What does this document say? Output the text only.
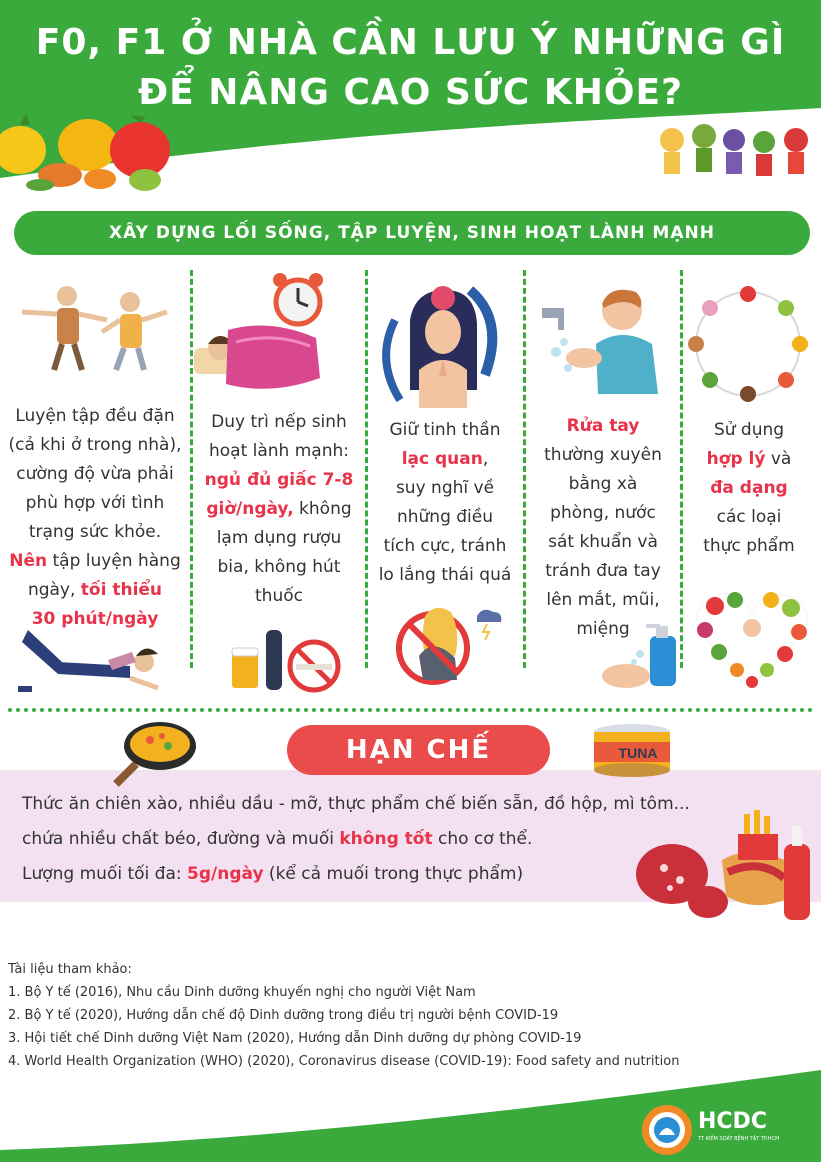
F0, F1 Ở NHÀ CẦN LƯU Ý NHỮNG GÌ
ĐỂ NÂNG CAO SỨC KHỎE?
XÂY DỰNG LỐI SỐNG, TẬP LUYỆN, SINH HOẠT LÀNH MẠNH
Luyện tập đều đặn
(cả khi ở trong nhà),
cường độ vừa phải
phù hợp với tình
trạng sức khỏe.
Nên tập luyện hàng
ngày, tối thiểu
30 phút/ngày
Duy trì nếp sinh
hoạt lành mạnh:
ngủ đủ giấc 7-8
giờ/ngày, không
lạm dụng rượu
bia, không hút
thuốc
Giữ tinh thần
lạc quan,
suy nghĩ về
những điều
tích cực, tránh
lo lắng thái quá
Rửa tay
thường xuyên
bằng xà
phòng, nước
sát khuẩn và
tránh đưa tay
lên mắt, mũi,
miệng
Sử dụng
hợp lý và
đa dạng
các loại
thực phẩm
HẠN CHẾ	TUNA
Thức ăn chiên xào, nhiều dầu - mỡ, thực phẩm chế biến sẵn, đồ hộp, mì tôm...
chứa nhiều chất béo, đường và muối không tốt cho cơ thể.
Lượng muối tối đa: 5g/ngày (kể cả muối trong thực phẩm)
Tài liệu tham khảo:
1. Bộ Y tế (2016), Nhu cầu Dinh dưỡng khuyến nghị cho người Việt Nam
2. Bộ Y tế (2020), Hướng dẫn chế độ Dinh dưỡng trong điều trị người bệnh COVID-19
3. Hội tiết chế Dinh dưỡng Việt Nam (2020), Hướng dẫn Dinh dưỡng dự phòng COVID-19
4. World Health Organization (WHO) (2020), Coronavirus disease (COVID-19): Food safety and nutrition
HCDC
TT KIỂM SOÁT BỆNH TẬT TP.HCM
